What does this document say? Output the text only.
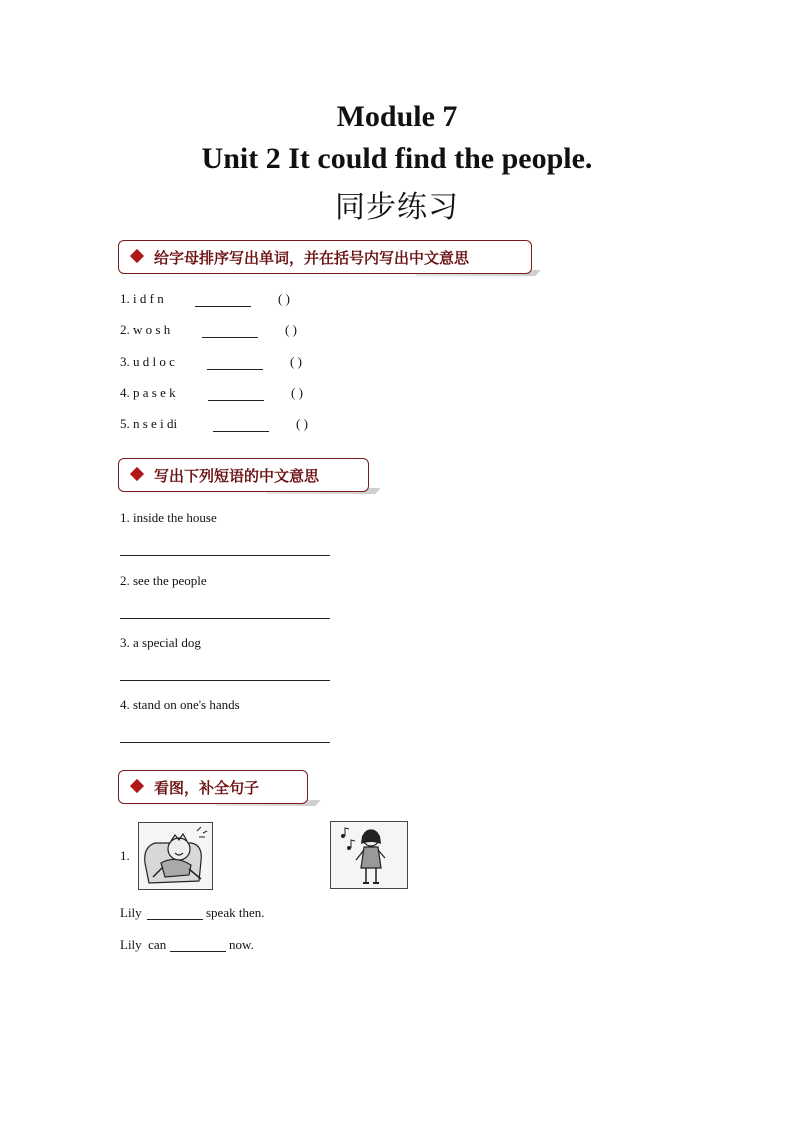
Module 7
Unit 2 It could find the people.
同步练习
给字母排序写出单词，并在括号内写出中文意思
1. i d f n	( )
2. w o s h	( )
3. u d l o c	( )
4. p a s e k	( )
5. n s e i di	( )
写出下列短语的中文意思
1. inside the house
2. see the people
3. a special dog
4. stand on one's hands
看图，补全句子
1.
Lily	speak then.
Lily  can	now.
